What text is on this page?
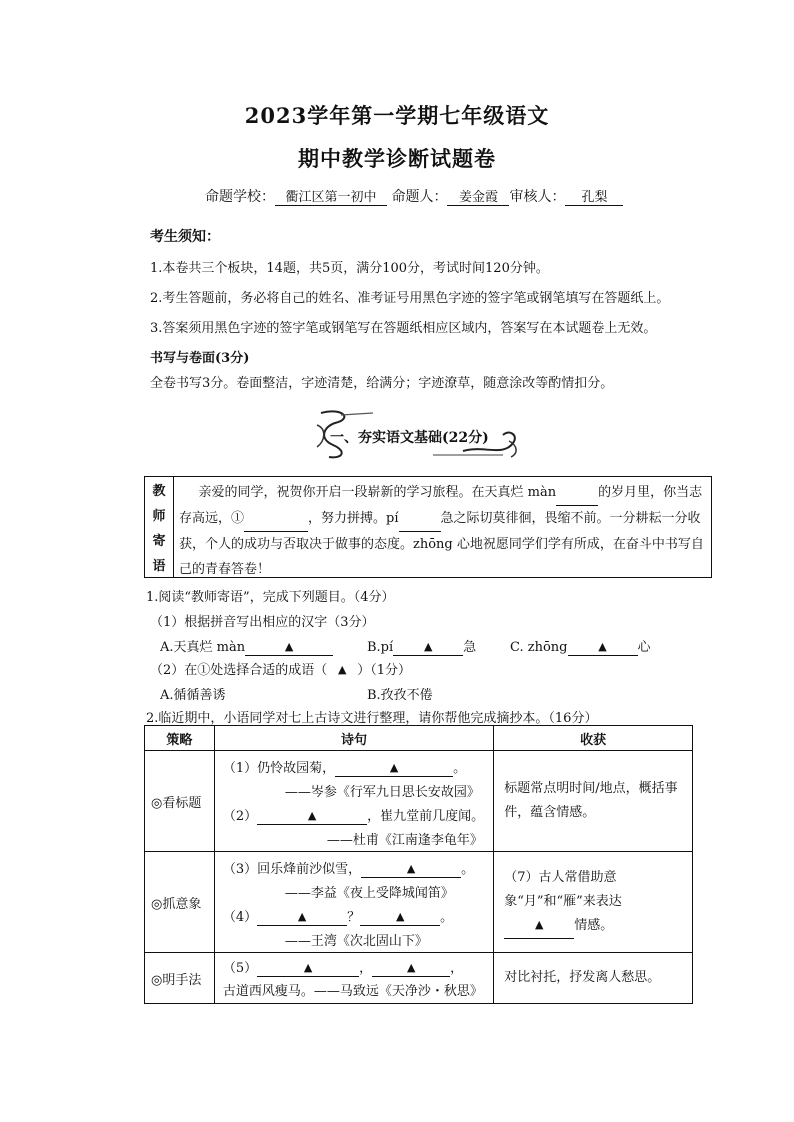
2023学年第一学期七年级语文
期中教学诊断试题卷
命题学校： 衢江区第一初中 命题人： 姜金霞 审核人： 孔梨
考生须知：
1.本卷共三个板块，14题，共5页，满分100分，考试时间120分钟。
2.考生答题前，务必将自己的姓名、准考证号用黑色字迹的签字笔或钢笔填写在答题纸上。
3.答案须用黑色字迹的签字笔或钢笔写在答题纸相应区域内，答案写在本试题卷上无效。
书写与卷面(3分)
全卷书写3分。卷面整洁，字迹清楚，给满分；字迹潦草，随意涂改等酌情扣分。
一、夯实语文基础(22分)
教
师
寄
语
  亲爱的同学，祝贺你开启一段崭新的学习旅程。在天真烂 màn	的岁月里，你当志存高远，①	，努力拼搏。pí	急之际切莫徘徊，畏缩不前。一分耕耘一分收获，个人的成功与否取决于做事的态度。zhōng 心地祝愿同学们学有所成，在奋斗中书写自己的青春答卷！
1.阅读“教师寄语”，完成下列题目。（4分）
（1）根据拼音写出相应的汉字（3分）
A.天真烂 màn	▲	B.pí	▲ 急	C. zhōng	▲ 心
（2）在①处选择合适的成语（ ▲ ）（1分）
A.循循善诱	B.孜孜不倦
2.临近期中，小语同学对七上古诗文进行整理，请你帮他完成摘抄本。（16分）
策略	诗句	收获
◎看标题	（1）仍怜故园菊， ▲ 。
——岑参《行军九日思长安故园》
（2） ▲ ，崔九堂前几度闻。
——杜甫《江南逢李龟年》	标题常点明时间/地点，概括事件，蕴含情感。

◎抓意象	（3）回乐烽前沙似雪， ▲ 。
——李益《夜上受降城闻笛》
（4） ▲ ？ ▲ 。
——王湾《次北固山下》	（7）古人常借助意象“月”和“雁”来表达▲ 情感。

◎明手法	（5） ▲ ， ▲ ，
古道西风瘦马。——马致远《天净沙・秋思》	对比衬托，抒发离人愁思。
